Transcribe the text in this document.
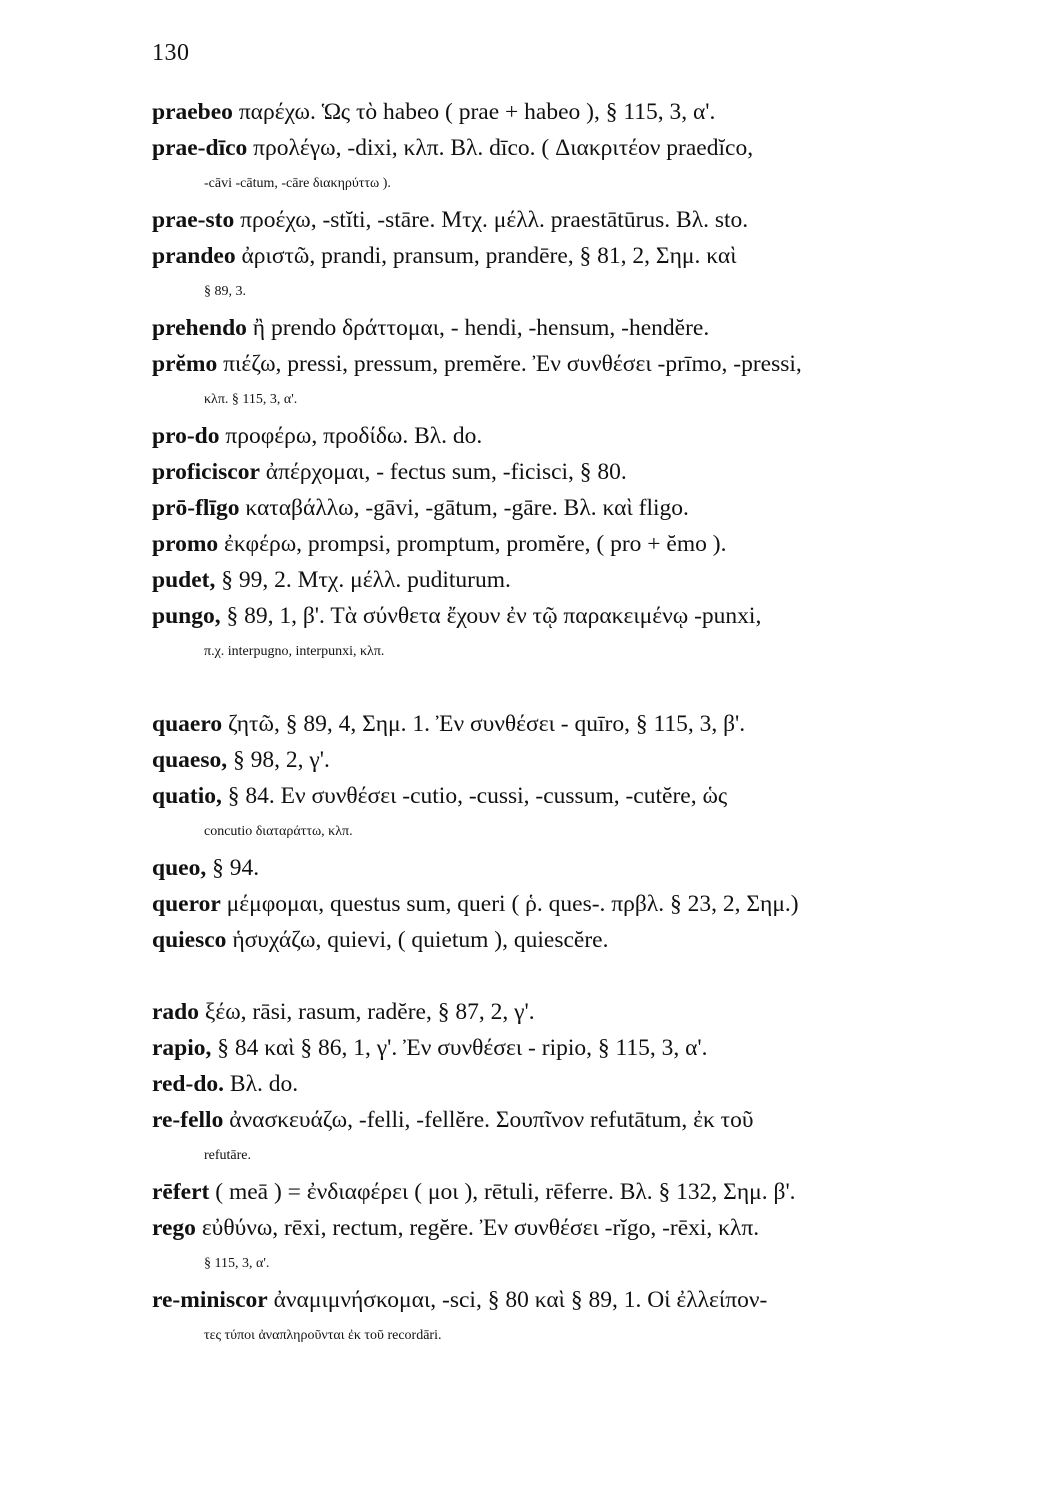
130
praebeo παρέχω. Ὡς τὸ habeo ( prae + habeo ), § 115, 3, α'.
prae-dīco προλέγω, -dixi, κλπ. Βλ. dīco. ( Διακριτέον praedĭco,
-cāvi -cātum, -cāre διακηρύττω ).
prae-sto προέχω, -stĭti, -stāre. Μτχ. μέλλ. praestātūrus. Βλ. sto.
prandeo ἀριστῶ, prandi, pransum, prandēre, § 81, 2, Σημ. καὶ
§ 89, 3.
prehendo ἢ prendo δράττομαι, - hendi, -hensum, -hendĕre.
prĕmo πιέζω, pressi, pressum, premĕre. Ἐν συνθέσει -prīmo, -pressi,
κλπ. § 115, 3, α'.
pro-do προφέρω, προδίδω. Βλ. do.
proficiscor ἀπέρχομαι, - fectus sum, -ficisci, § 80.
prō-flīgo καταβάλλω, -gāvi, -gātum, -gāre. Βλ. καὶ fligo.
promo ἐκφέρω, prompsi, promptum, promĕre, ( pro + ĕmo ).
pudet, § 99, 2. Μτχ. μέλλ. puditurum.
pungo, § 89, 1, β'. Τὰ σύνθετα ἔχουν ἐν τῷ παρακειμένῳ -punxi,
π.χ. interpugno, interpunxi, κλπ.
quaero ζητῶ, § 89, 4, Σημ. 1. Ἐν συνθέσει - quīro, § 115, 3, β'.
quaeso, § 98, 2, γ'.
quatio, § 84. Εν συνθέσει -cutio, -cussi, -cussum, -cutĕre, ὡς
concutio διαταράττω, κλπ.
queo, § 94.
queror μέμφομαι, questus sum, queri ( ῥ. ques-. πρβλ. § 23, 2, Σημ.)
quiesco ἡσυχάζω, quievi, ( quietum ), quiescĕre.
rado ξέω, rāsi, rasum, radĕre, § 87, 2, γ'.
rapio, § 84 καὶ § 86, 1, γ'. Ἐν συνθέσει - ripio, § 115, 3, α'.
red-do. Βλ. do.
re-fello ἀνασκευάζω, -felli, -fellĕre. Σουπῖνον refutātum, ἐκ τοῦ
refutāre.
rēfert ( meā ) = ἐνδιαφέρει ( μοι ), rētuli, rēferre. Βλ. § 132, Σημ. β'.
rego εὐθύνω, rēxi, rectum, regĕre. Ἐν συνθέσει -rĭgo, -rēxi, κλπ.
§ 115, 3, α'.
re-miniscor ἀναμιμνήσκομαι, -sci, § 80 καὶ § 89, 1. Οἱ ἐλλείπον-
τες τύποι ἀναπληροῦνται ἐκ τοῦ recordāri.
